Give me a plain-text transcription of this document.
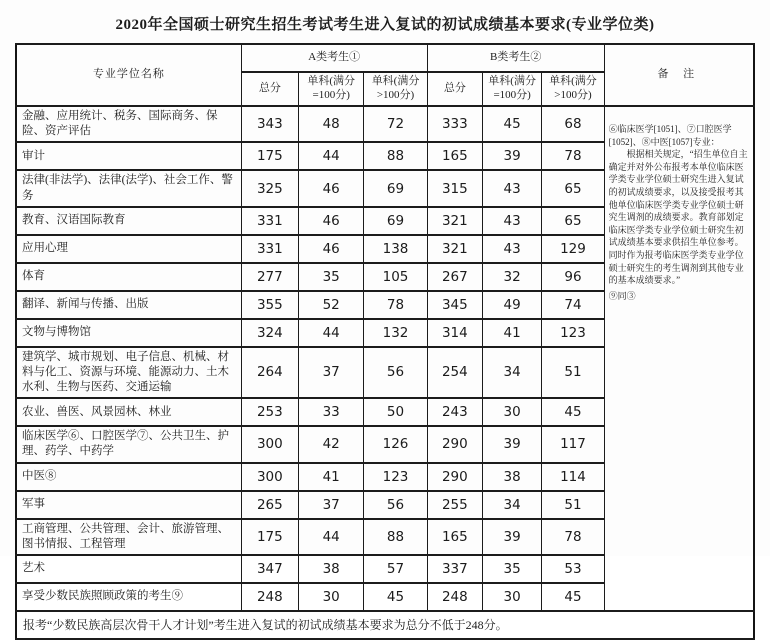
2020年全国硕士研究生招生考试考生进入复试的初试成绩基本要求(专业学位类)
专业学位名称	A类考生①			B类考生②			备 注
	总分	单科(满分 =100分)	单科(满分 >100分)	总分	单科(满分 =100分)	单科(满分 >100分)	
金融、应用统计、税务、国际商务、保险、资产评估	343	48	72	333	45	68	⑥临床医学[1051]、⑦口腔医学[1052]、⑧中医[1057]专业：

根据相关规定，“招生单位自主确定并对外公布报考本单位临床医学类专业学位硕士研究生进入复试的初试成绩要求，以及接受报考其他单位临床医学类专业学位硕士研究生调剂的成绩要求。教育部划定临床医学类专业学位硕士研究生初试成绩基本要求供招生单位参考。同时作为报考临床医学类专业学位硕士研究生的考生调剂到其他专业的基本成绩要求。”

⑨同③

审计	175	44	88	165	39	78	
法律(非法学)、法律(法学)、社会工作、警务	325	46	69	315	43	65	
教育、汉语国际教育	331	46	69	321	43	65	
应用心理	331	46	138	321	43	129	
体育	277	35	105	267	32	96	
翻译、新闻与传播、出版	355	52	78	345	49	74	
文物与博物馆	324	44	132	314	41	123	
建筑学、城市规划、电子信息、机械、材料与化工、资源与环境、能源动力、土木水利、生物与医药、交通运输	264	37	56	254	34	51	
农业、兽医、风景园林、林业	253	33	50	243	30	45	
临床医学⑥、口腔医学⑦、公共卫生、护理、药学、中药学	300	42	126	290	39	117	
中医⑧	300	41	123	290	38	114	
军事	265	37	56	255	34	51	
工商管理、公共管理、会计、旅游管理、图书情报、工程管理	175	44	88	165	39	78	
艺术	347	38	57	337	35	53	
享受少数民族照顾政策的考生⑨	248	30	45	248	30	45	
报考“少数民族高层次骨干人才计划”考生进入复试的初试成绩基本要求为总分不低于248分。							
